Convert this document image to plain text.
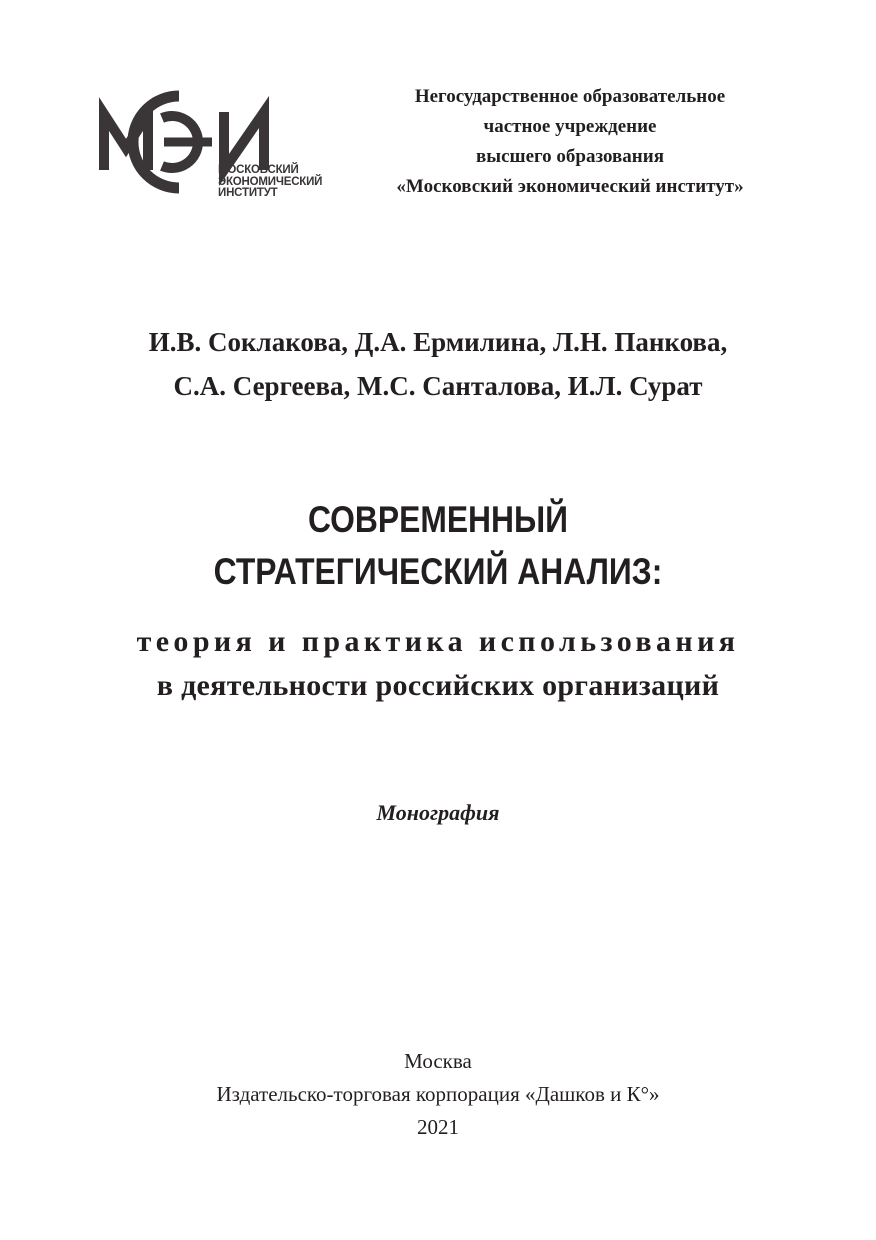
МОСКОВСКИЙ
ЭКОНОМИЧЕСКИЙ
ИНСТИТУТ
Негосударственное образовательное
частное учреждение
высшего образования
«Московский экономический институт»
И.В. Соклакова, Д.А. Ермилина, Л.Н. Панкова,
С.А. Сергеева, М.С. Санталова, И.Л. Сурат
СОВРЕМЕННЫЙ
СТРАТЕГИЧЕСКИЙ АНАЛИЗ:
теория и практика использования
в деятельности российских организаций
Монография
Москва
Издательско-торговая корпорация «Дашков и К°»
2021
